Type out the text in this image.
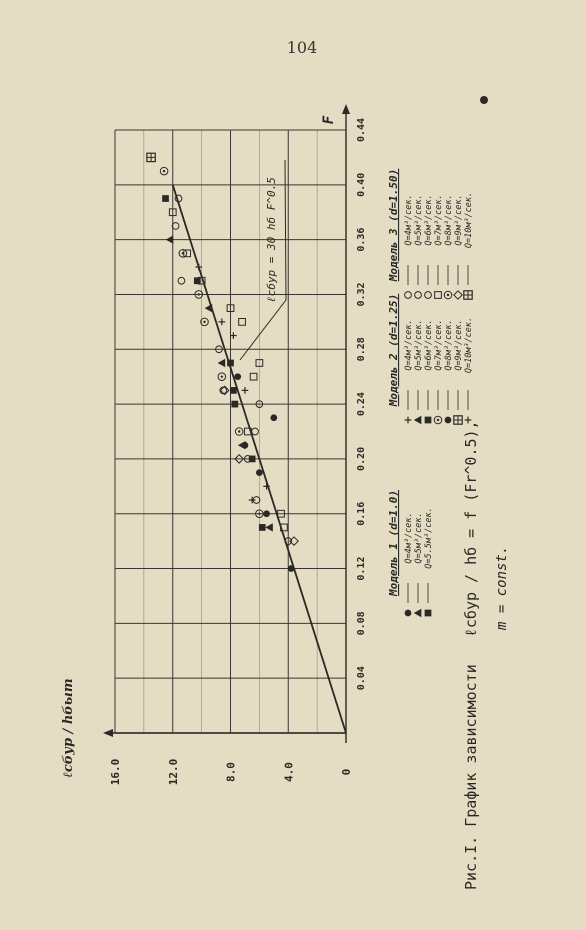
104
0.04
0.08
0.12
0.16
0.20
0.24
0.28
0.32
0.36
0.40
0.44
0
4.0
8.0
12.0
16.0
F
ℓсбур / hбыт
ℓсбур = 30 hб F^0.5
Модель 1 (d=1.0) Q=4м³/сек. Q=5м³/сек. Q=5.5м³/сек.
Модель 2 (d=1.25) Q=4м³/сек. Q=5м³/сек. Q=6м³/сек. Q=7м³/сек. Q=8м³/сек. Q=9м³/сек. Q=10м³/сек.
Модель 3 (d=1.50) Q=4м³/сек. Q=5м³/сек. Q=6м³/сек. Q=7м³/сек. Q=8м³/сек. Q=9м³/сек. Q=10м³/сек.
Рис.I. График зависимости   ℓсбур / hб = f (Fr^0.5), m = const.
